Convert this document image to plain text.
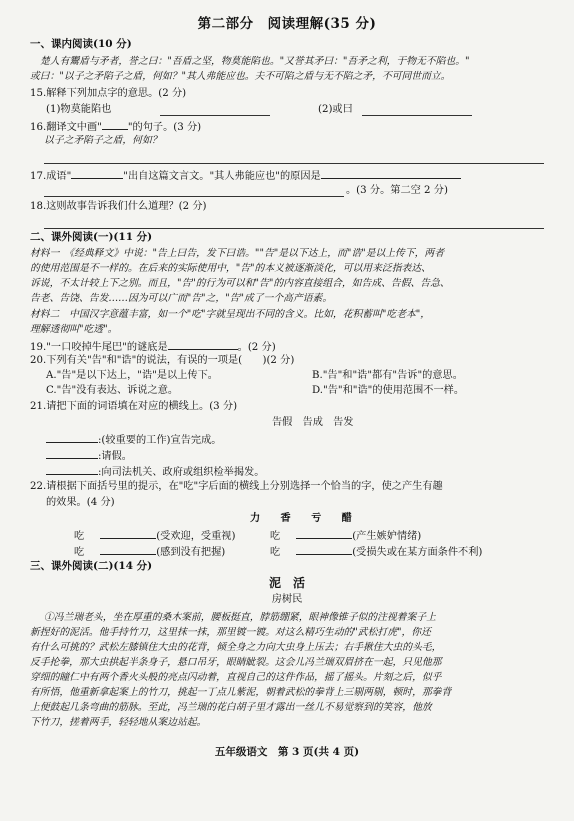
第二部分　阅读理解(35 分)
一、课内阅读(10 分)
楚人有鬻盾与矛者，誉之曰："吾盾之坚，物莫能陷也。"又誉其矛曰："吾矛之利，于物无不陷也。"
或曰："以子之矛陷子之盾，何如？"其人弗能应也。夫不可陷之盾与无不陷之矛，不可同世而立。
15.解释下列加点字的意思。(2 分)
(1)物莫能陷也	(2)或曰
16.翻译文中画"	"的句子。(3 分)
以子之矛陷子之盾，何如？
17.成语"	"出自这篇文言文。"其人弗能应也"的原因是
。(3 分。第二空 2 分)
18.这则故事告诉我们什么道理？(2 分)
二、课外阅读(一)(11 分)
材料一　《经典释文》中说："告上曰告，发下曰诰。""告"是以下达上，而"诰"是以上传下，两者
的使用范围是不一样的。在后来的实际使用中，"告"的本义被逐渐淡化，可以用来泛指表达、
诉说，不太计较上下之别。而且，"告"的行为可以和"告"的内容直接组合，如告成、告假、告急、
告老、告饶、告发……因为可以广而"告"之，"告"成了一个高产语素。
材料二　中国汉字意蕴丰富，如一个"吃"字就呈现出不同的含义。比如，花积蓄叫"吃老本"，
理解透彻叫"吃透"。
19."一口咬掉牛尾巴"的谜底是	。(2 分)
20.下列有关"告"和"诰"的说法，有误的一项是(　　)(2 分)
A."告"是以下达上，"诰"是以上传下。	B."告"和"诰"都有"告诉"的意思。
C."告"没有表达、诉说之意。	D."告"和"诰"的使用范围不一样。
21.请把下面的词语填在对应的横线上。(3 分)
告假　告成　告发
:(较重要的工作)宣告完成。
:请假。
:向司法机关、政府或组织检举揭发。
22.请根据下面括号里的提示，在"吃"字后面的横线上分别选择一个恰当的字，使之产生有趣
的效果。(4 分)
力　　香　　亏　　醋
吃	(受欢迎，受重视)	吃	(产生嫉妒情绪)
吃	(感到没有把握)	吃	(受损失或在某方面条件不利)
三、课外阅读(二)(14 分)
泥　活
房树民
①冯兰瑞老头，坐在厚重的桑木案前，腰板挺直，脖筋绷紧，眼神像锥子似的注视着案子上
新捏好的泥活。他手持竹刀，这里抹一抹，那里镀一镀。对这么精巧生动的"武松打虎"，你还
有什么可挑的？武松左膝镇住大虫的花背，倾全身之力向大虫身上压去；右手揪住大虫的头毛，
反手抡拳，那大虫拱起半条身子，悬口吊牙，眼睛眦裂。这会儿冯兰瑞双眉挤在一起，只见他那
穿细的瞳仁中有两个香火头般的亮点闪动着，直视自己的这件作品，摇了摇头。片刻之后，似乎
有所悟，他重新拿起案上的竹刀，挑起一丁点儿紫泥，朝着武松的拳背上三剔两剔，顿时，那拳背
上便鼓起几条弯曲的筋脉。至此，冯兰瑞的花白胡子里才露出一丝儿不易觉察到的笑容，他放
下竹刀，搓着两手，轻轻地从案边站起。
五年级语文　第 3 页(共 4 页)
